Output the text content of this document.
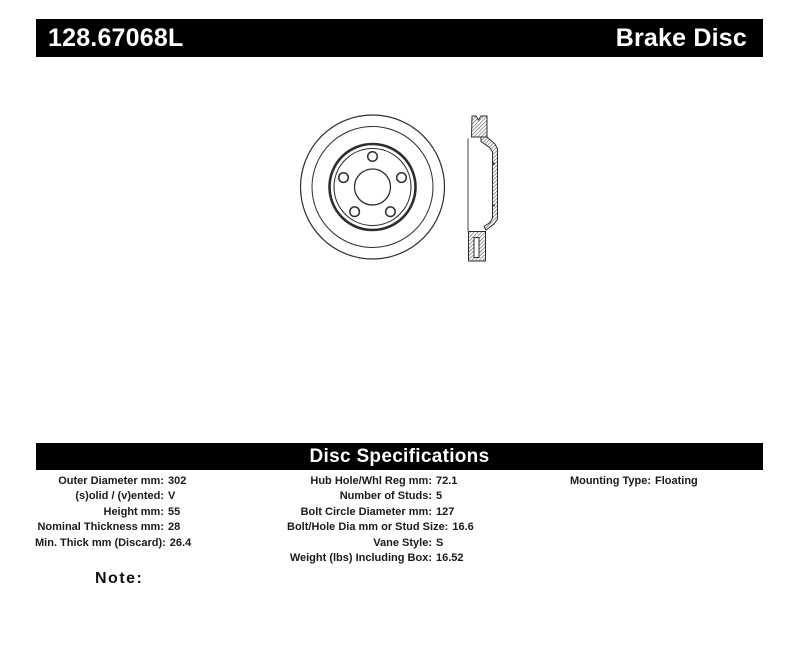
128.67068L	Brake Disc
Disc Specifications
Outer Diameter mm: 302
(s)olid / (v)ented: V
Height mm: 55
Nominal Thickness mm: 28
Min. Thick mm (Discard): 26.4
Hub Hole/Whl Reg mm: 72.1
Number of Studs: 5
Bolt Circle Diameter mm: 127
Bolt/Hole Dia mm or Stud Size: 16.6
Vane Style: S
Weight (lbs) Including Box: 16.52
Mounting Type: Floating
Note:
